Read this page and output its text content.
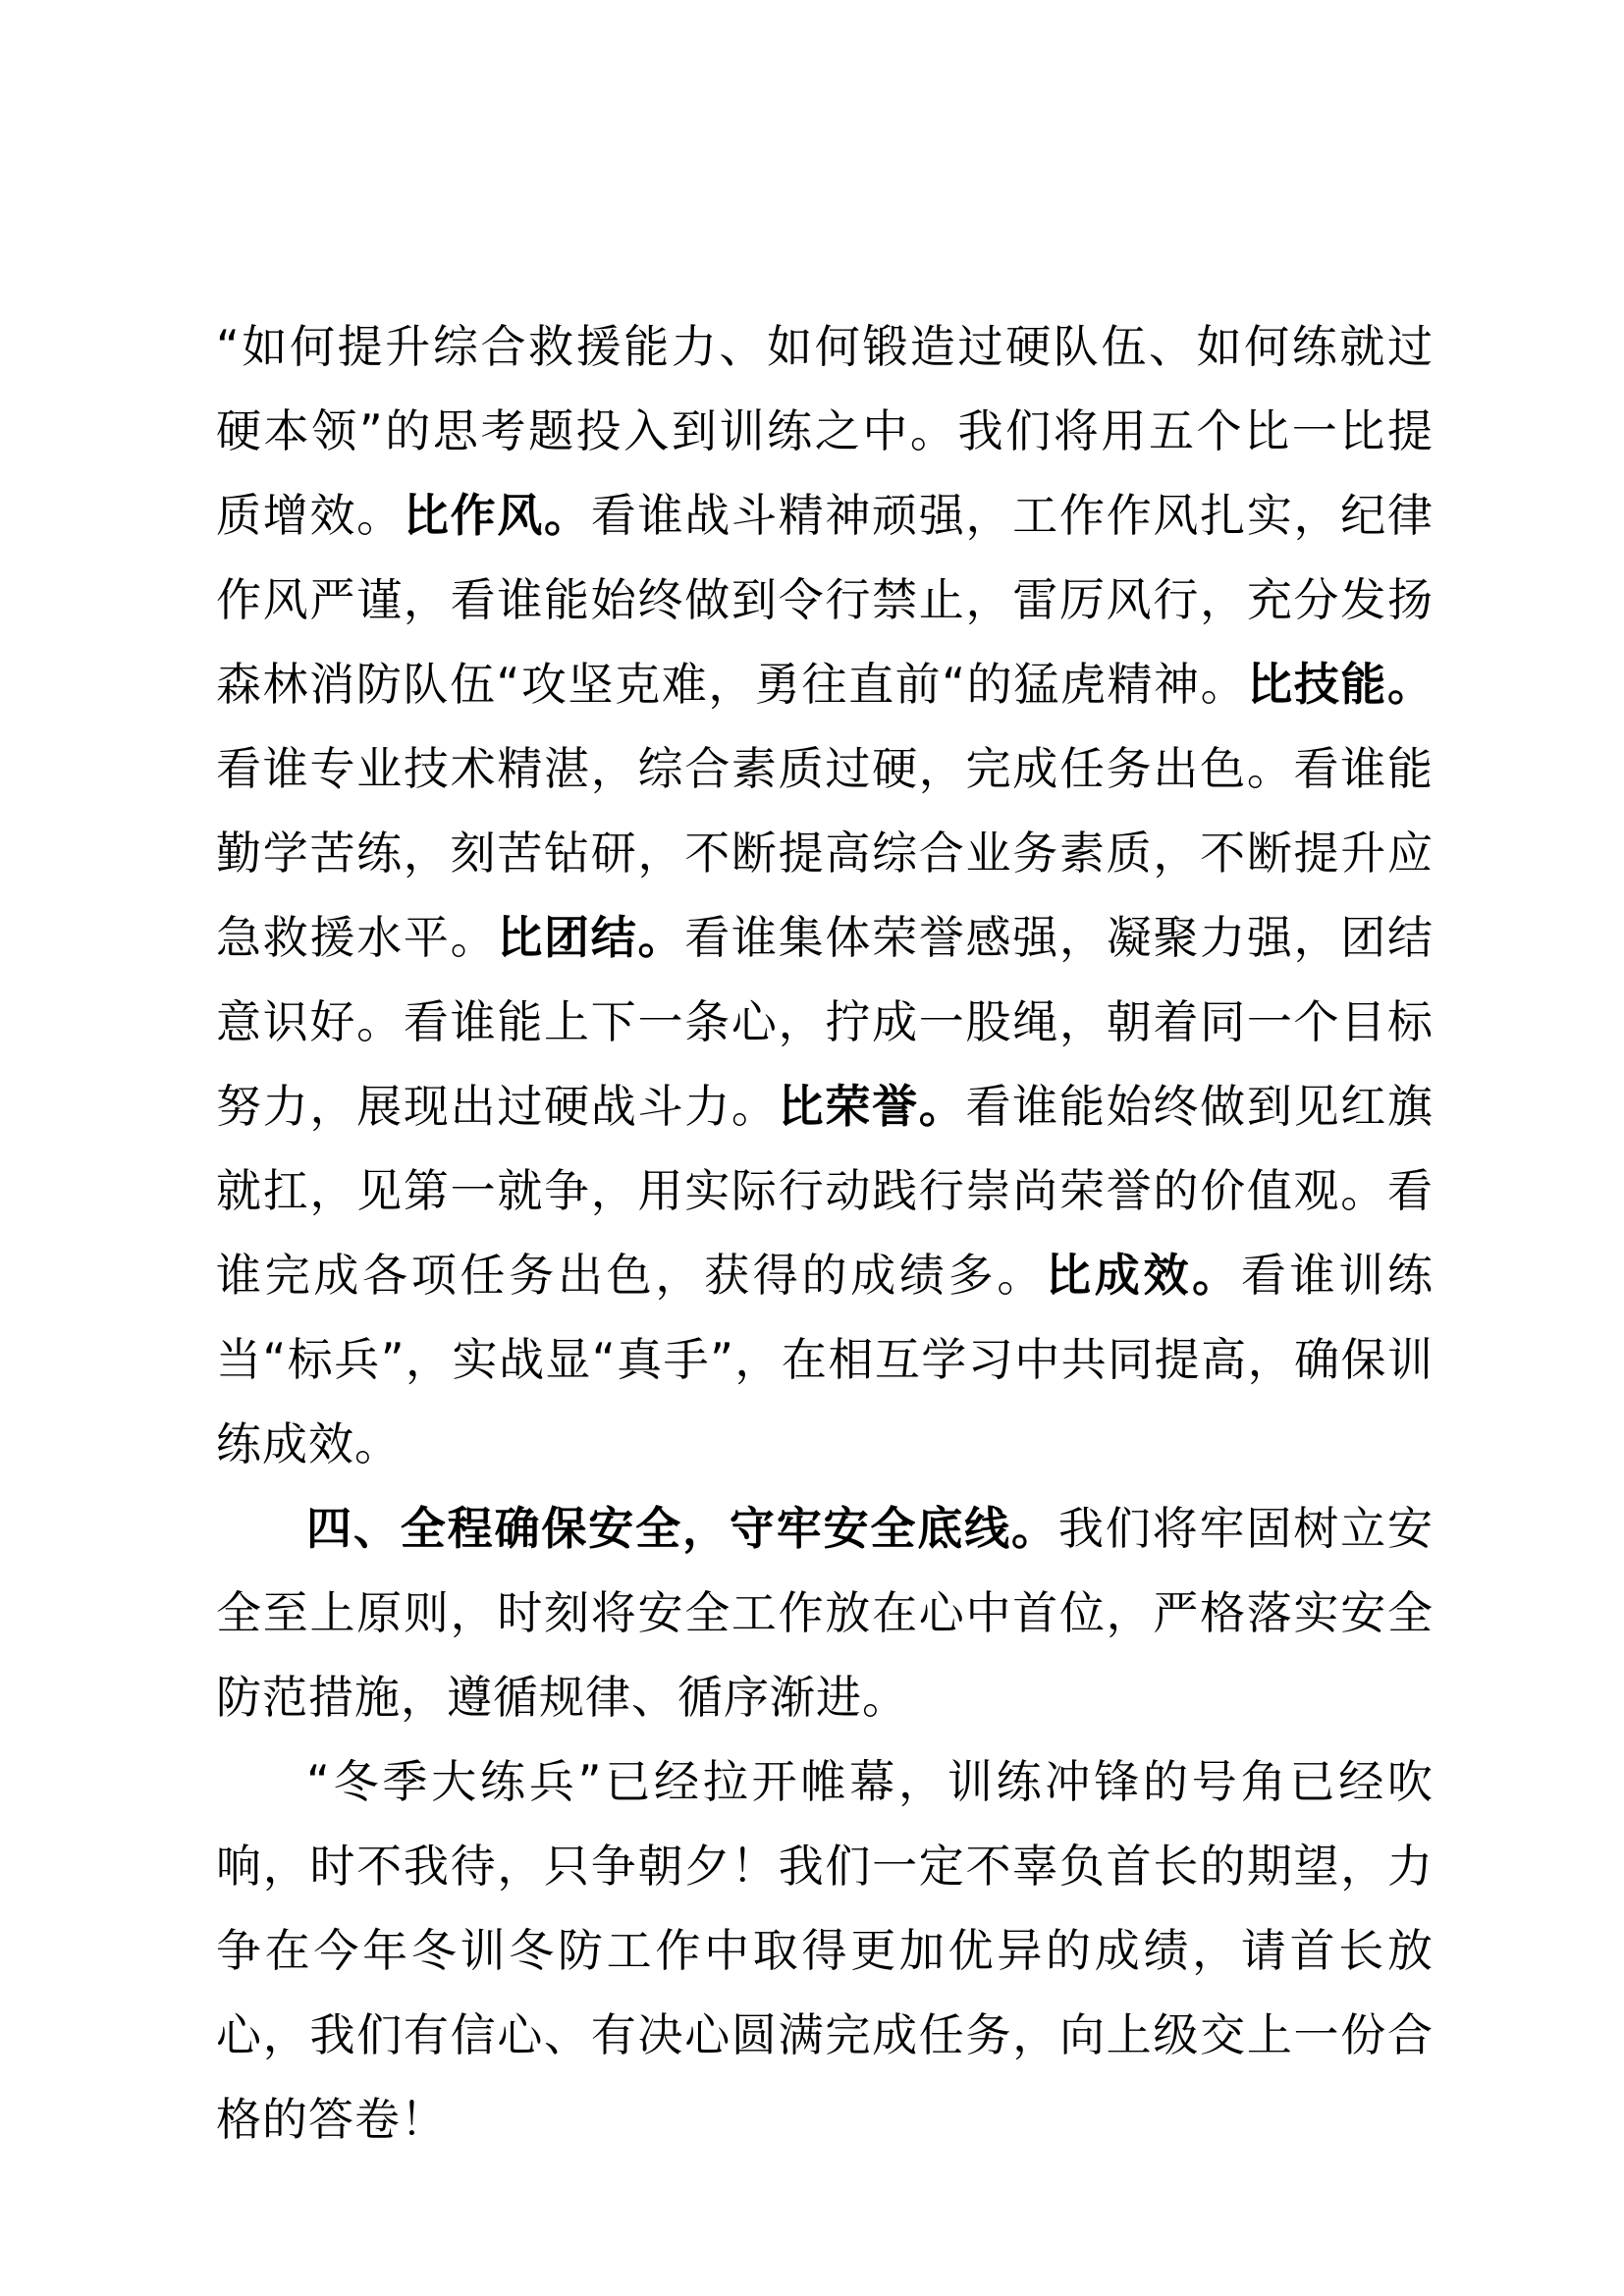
“如何提升综合救援能力、如何锻造过硬队伍、如何练就过硬本领”的思考题投入到训练之中。我们将用五个比一比提质增效。比作风。看谁战斗精神顽强，工作作风扎实，纪律作风严谨，看谁能始终做到令行禁止，雷厉风行，充分发扬森林消防队伍“攻坚克难，勇往直前“的猛虎精神。比技能。看谁专业技术精湛，综合素质过硬，完成任务出色。看谁能勤学苦练，刻苦钻研，不断提高综合业务素质，不断提升应急救援水平。比团结。看谁集体荣誉感强，凝聚力强，团结意识好。看谁能上下一条心，拧成一股绳，朝着同一个目标努力，展现出过硬战斗力。比荣誉。看谁能始终做到见红旗就扛，见第一就争，用实际行动践行崇尚荣誉的价值观。看谁完成各项任务出色，获得的成绩多。比成效。看谁训练当“标兵”，实战显“真手”，在相互学习中共同提高，确保训练成效。

四、全程确保安全，守牢安全底线。我们将牢固树立安全至上原则，时刻将安全工作放在心中首位，严格落实安全防范措施，遵循规律、循序渐进。

“冬季大练兵”已经拉开帷幕，训练冲锋的号角已经吹响，时不我待，只争朝夕！我们一定不辜负首长的期望，力争在今年冬训冬防工作中取得更加优异的成绩，请首长放心，我们有信心、有决心圆满完成任务，向上级交上一份合格的答卷！
